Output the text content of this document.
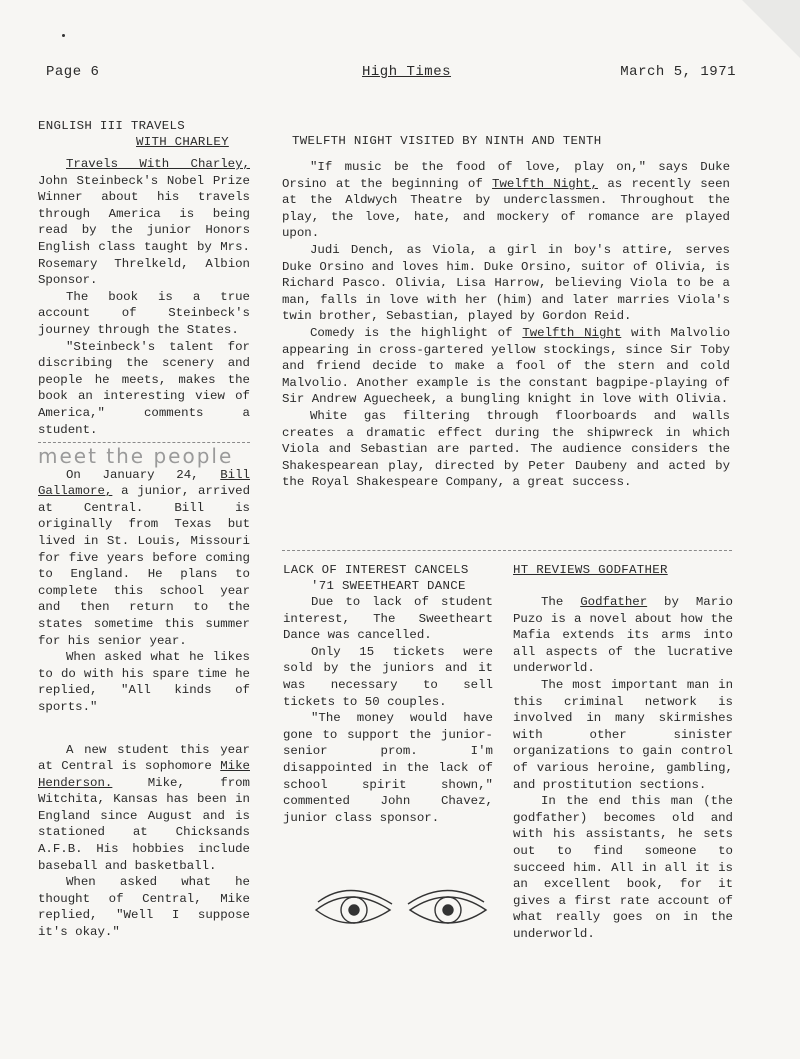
Page 6	High Times	March 5, 1971
ENGLISH III TRAVELS
WITH CHARLEY

Travels With Charley, John Steinbeck's Nobel Prize Winner about his travels through America is being read by the junior Honors English class taught by Mrs. Rosemary Threlkeld, Albion Sponsor.

The book is a true account of Steinbeck's journey through the States.

"Steinbeck's talent for discribing the scenery and people he meets, makes the book an interesting view of America," comments a student.

meet the people

On January 24, Bill Gallamore, a junior, arrived at Central. Bill is originally from Texas but lived in St. Louis, Missouri for five years before coming to England. He plans to complete this school year and then return to the states sometime this summer for his senior year.

When asked what he likes to do with his spare time he replied, "All kinds of sports."

A new student this year at Central is sophomore Mike Henderson.	Mike, from Witchita, Kansas has been in England since August and is stationed at Chicksands A.F.B. His hobbies include baseball and basketball.

When asked what he thought of Central, Mike replied, "Well I suppose it's okay."

TWELFTH NIGHT VISITED BY NINTH AND TENTH

"If music be the food of love, play on," says Duke Orsino at the beginning of Twelfth Night, as recently seen at the Aldwych Theatre by underclassmen. Throughout the play, the love, hate, and mockery of romance are played upon.

Judi Dench, as Viola, a girl in boy's attire, serves Duke Orsino and loves him. Duke Orsino, suitor of Olivia, is Richard Pasco. Olivia, Lisa Harrow, believing Viola to be a man, falls in love with her (him) and later marries Viola's twin brother, Sebastian, played by Gordon Reid.

Comedy is the highlight of Twelfth Night with Malvolio appearing in cross-gartered yellow stockings, since Sir Toby and friend decide to make a fool of the stern and cold Malvolio. Another example is the constant bagpipe-playing of Sir Andrew Aguecheek, a bungling knight in love with Olivia.

White gas filtering through floorboards and walls creates a dramatic effect during the shipwreck in which Viola and Sebastian are parted. The audience considers the Shakespearean play, directed by Peter Daubeny and acted by the Royal Shakespeare Company, a great success.

LACK OF INTEREST CANCELS
'71 SWEETHEART DANCE

Due to lack of student interest, The Sweetheart Dance was cancelled.

Only 15 tickets were sold by the juniors and it was necessary to sell tickets to 50 couples.

"The money would have gone to support the junior-senior prom. I'm disappointed in the lack of school spirit shown," commented John Chavez, junior class sponsor.

HT REVIEWS GODFATHER

The Godfather by Mario Puzo is a novel about how the Mafia extends its arms into all aspects of the lucrative underworld.

The most important man in this criminal network is involved in many skirmishes with other sinister organizations to gain control of various heroine, gambling, and prostitution sections.

In the end this man (the godfather) becomes old and with his assistants, he sets out to find someone to succeed him. All in all it is an excellent book, for it gives a first rate account of what really goes on in the underworld.
